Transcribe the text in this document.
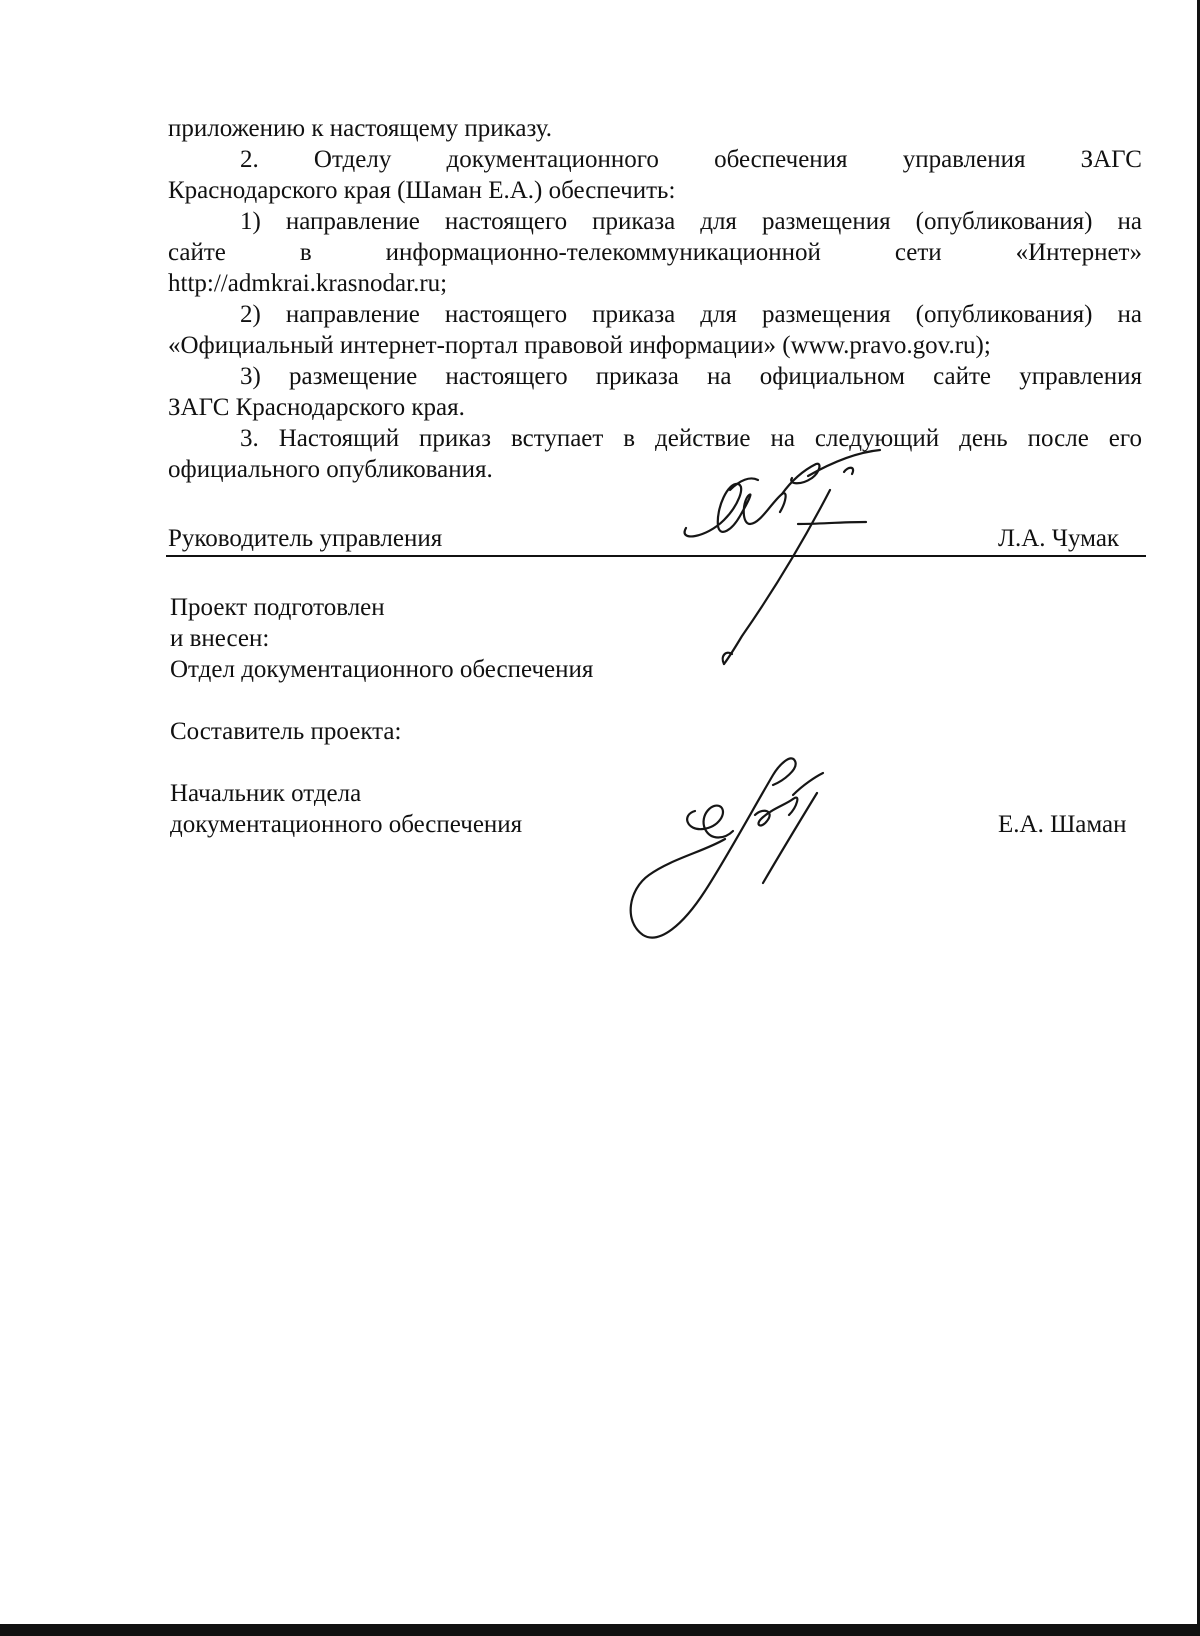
приложению к настоящему приказу.

2. Отделу документационного обеспечения управления ЗАГС

Краснодарского края (Шаман Е.А.) обеспечить:

1) направление настоящего приказа для размещения (опубликования) на

сайте в информационно-телекоммуникационной сети «Интернет»

http://admkrai.krasnodar.ru;

2) направление настоящего приказа для размещения (опубликования) на

«Официальный интернет-портал правовой информации» (www.pravo.gov.ru);

3) размещение настоящего приказа на официальном сайте управления

ЗАГС Краснодарского края.

3. Настоящий приказ вступает в действие на следующий день после его

официального опубликования.

Руководитель управления	Л.А. Чумак
Проект подготовлен
и внесен:
Отдел документационного обеспечения
Составитель проекта:
Начальник отдела
документационного обеспечения	Е.А. Шаман
